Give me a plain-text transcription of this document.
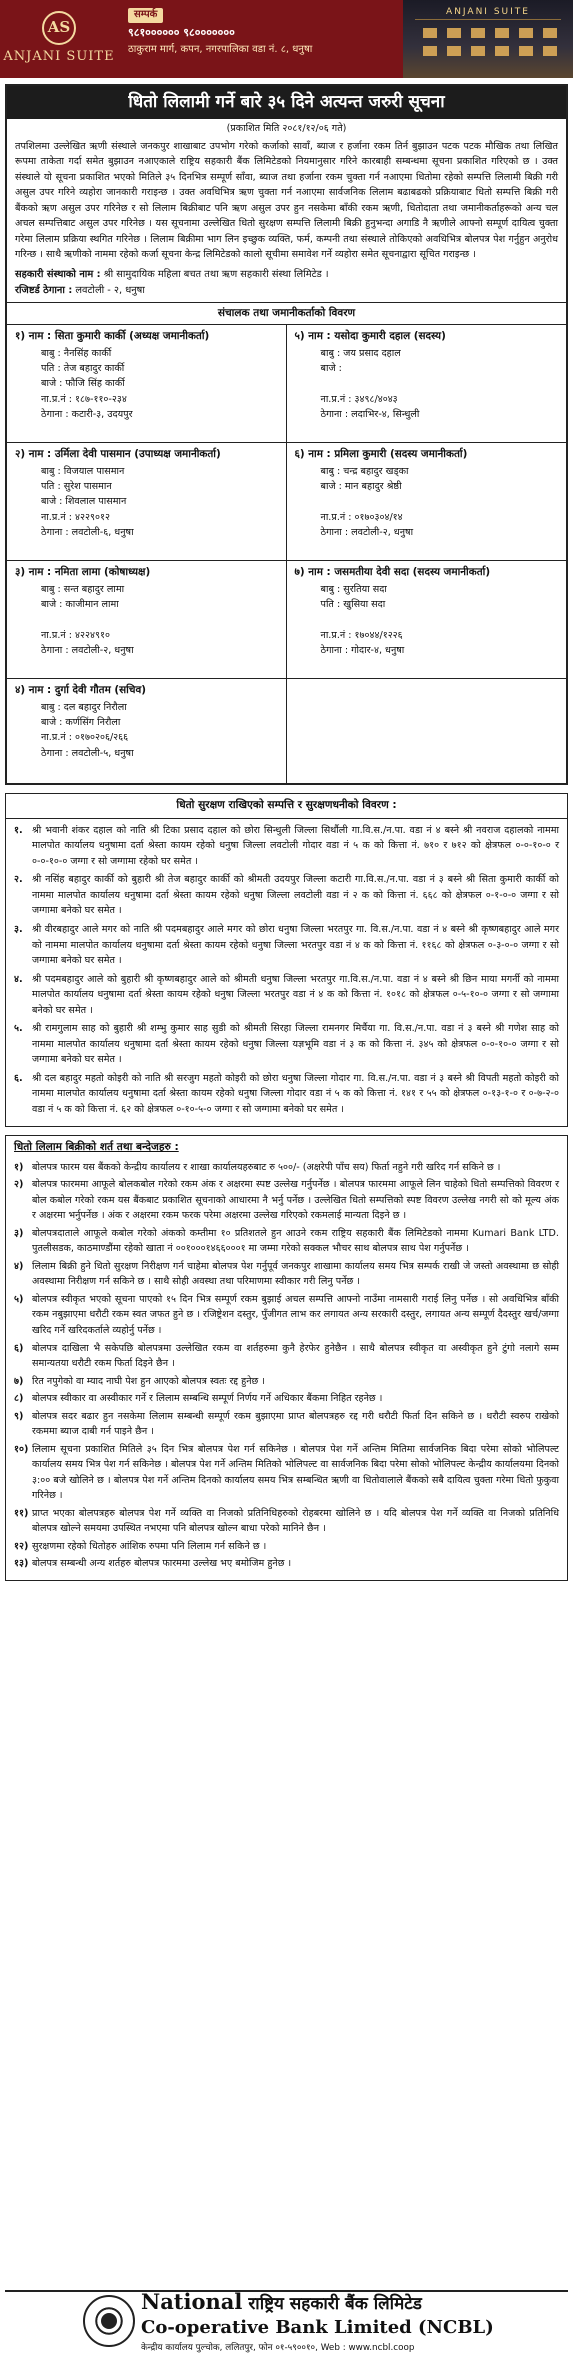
AS
ANJANI SUITE
सम्पर्क
९८१०००००० ९८०००००००
ठाकुराम मार्ग, कपन, नगरपालिका वडा नं. ८, धनुषा
ANJANI SUITE
धितो लिलामी गर्ने बारे ३५ दिने अत्यन्त जरुरी सूचना
(प्रकाशित मिति २०८१/१२/०६ गते)
तपशिलमा उल्लेखित ऋणी संस्थाले जनकपुर शाखाबाट उपभोग गरेको कर्जाको सावाँ, ब्याज र हर्जाना रकम तिर्न बुझाउन पटक पटक मौखिक तथा लिखित रूपमा ताकेता गर्दा समेत बुझाउन नआएकाले राष्ट्रिय सहकारी बैंक लिमिटेडको नियमानुसार गरिने कारबाही सम्बन्धमा सूचना प्रकाशित गरिएको छ । उक्त संस्थाले यो सूचना प्रकाशित भएको मितिले ३५ दिनभित्र सम्पूर्ण साँवा, ब्याज तथा हर्जाना रकम चुक्ता गर्न नआएमा धितोमा रहेको सम्पत्ति लिलामी बिक्री गरी असुल उपर गरिने व्यहोरा जानकारी गराइन्छ । उक्त अवधिभित्र ऋण चुक्ता गर्न नआएमा सार्वजनिक लिलाम बढाबढको प्रक्रियाबाट धितो सम्पत्ति बिक्री गरी बैंकको ऋण असुल उपर गरिनेछ र सो लिलाम बिक्रीबाट पनि ऋण असुल उपर हुन नसकेमा बाँकी रकम ऋणी, धितोदाता तथा जमानीकर्ताहरूको अन्य चल अचल सम्पत्तिबाट असुल उपर गरिनेछ । यस सूचनामा उल्लेखित धितो सुरक्षण सम्पत्ति लिलामी बिक्री हुनुभन्दा अगाडि नै ऋणीले आफ्नो सम्पूर्ण दायित्व चुक्ता गरेमा लिलाम प्रक्रिया स्थगित गरिनेछ । लिलाम बिक्रीमा भाग लिन इच्छुक व्यक्ति, फर्म, कम्पनी तथा संस्थाले तोकिएको अवधिभित्र बोलपत्र पेश गर्नुहुन अनुरोध गरिन्छ । साथै ऋणीको नाममा रहेको कर्जा सूचना केन्द्र लिमिटेडको कालो सूचीमा समावेश गर्ने व्यहोरा समेत सूचनाद्वारा सूचित गराइन्छ ।
सहकारी संस्थाको नाम : श्री सामुदायिक महिला बचत तथा ऋण सहकारी संस्था लिमिटेड ।
रजिष्टर्ड ठेगाना : लवटोली - २, धनुषा
संचालक तथा जमानीकर्ताको विवरण
१) नाम : सिता कुमारी कार्की (अध्यक्ष जमानीकर्ता)
बाबु : नैनसिंह कार्की
पति : तेज बहादुर कार्की
बाजे : फौजि सिंह कार्की
ना.प्र.नं : १८७-११०-२३४
ठेगाना : कटारी-३, उदयपुर
५) नाम : यसोदा कुमारी दहाल (सदस्य)
बाबु : जय प्रसाद दहाल
बाजे :

ना.प्र.नं : ३४९८/४०४३
ठेगाना : लदाभिर-४, सिन्धुली
२) नाम : उर्मिला देवी पासमान (उपाध्यक्ष जमानीकर्ता)
बाबु : विजयाल पासमान
पति : सुरेश पासमान
बाजे : शिवलाल पासमान
ना.प्र.नं : ४२२९०१२
ठेगाना : लवटोली-६, धनुषा
६) नाम : प्रमिला कुमारी (सदस्य जमानीकर्ता)
बाबु : चन्द्र बहादुर खड्का
बाजे : मान बहादुर श्रेष्ठी

ना.प्र.नं : ०१७०३०४/१४
ठेगाना : लवटोली-२, धनुषा
३) नाम : नमिता लामा (कोषाध्यक्ष)
बाबु : सन्त बहादुर लामा
बाजे : काजीमान लामा

ना.प्र.नं : ४२२४९१०
ठेगाना : लवटोली-२, धनुषा
७) नाम : जसमतीया देवी सदा (सदस्य जमानीकर्ता)
बाबु : सुरतिया सदा
पति : खुसिया सदा

ना.प्र.नं : १७०४४/१२२६
ठेगाना : गोदार-४, धनुषा
४) नाम : दुर्गा देवी गौतम (सचिव)
बाबु : दल बहादुर निरौला
बाजे : कर्णसिंग निरौला
ना.प्र.नं : ०१७०२०६/२६६
ठेगाना : लवटोली-५, धनुषा
धितो सुरक्षण राखिएको सम्पत्ति र सुरक्षणधनीको विवरण :
१. श्री भवानी शंकर दहाल को नाति श्री टिका प्रसाद दहाल को छोरा सिन्धुली जिल्ला सिर्थौली गा.वि.स./न.पा. वडा नं ४ बस्ने श्री नवराज दहालको नाममा मालपोत कार्यालय धनुषामा दर्ता श्रेस्ता कायम रहेको धनुषा जिल्ला लवटोली गोदार वडा नं ५ क को कित्ता नं. ७१० र ७१२ को क्षेत्रफल ०-०-१०-० र ०-०-१०-० जग्गा र सो जग्गामा रहेको घर समेत ।
२. श्री नसिंह बहादुर कार्की को बुहारी श्री तेज बहादुर कार्की को श्रीमती उदयपुर जिल्ला कटारी गा.वि.स./न.पा. वडा नं ३ बस्ने श्री सिता कुमारी कार्की को नाममा मालपोत कार्यालय धनुषामा दर्ता श्रेस्ता कायम रहेको धनुषा जिल्ला लवटोली वडा नं २ क को कित्ता नं. ६६८ को क्षेत्रफल ०-१-०-० जग्गा र सो जग्गामा बनेको घर समेत ।
३. श्री वीरबहादुर आले मगर को नाति श्री पदमबहादुर आले मगर को छोरा धनुषा जिल्ला भरतपुर गा. वि.स./न.पा. वडा नं ४ बस्ने श्री कृष्णबहादुर आले मगर को नाममा मालपोत कार्यालय धनुषामा दर्ता श्रेस्ता कायम रहेको धनुषा जिल्ला भरतपुर वडा नं ४ क को कित्ता नं. ११६८ को क्षेत्रफल ०-३-०-० जग्गा र सो जग्गामा बनेको घर समेत ।
४. श्री पदमबहादुर आले को बुहारी श्री कृष्णबहादुर आले को श्रीमती धनुषा जिल्ला भरतपुर गा.वि.स./न.पा. वडा नं ४ बस्ने श्री छिन माया मगर्नी को नाममा मालपोत कार्यालय धनुषामा दर्ता श्रेस्ता कायम रहेको धनुषा जिल्ला भरतपुर वडा नं ४ क को कित्ता नं. १०१८ को क्षेत्रफल ०-५-१०-० जग्गा र सो जग्गामा बनेको घर समेत ।
५. श्री रामगुलाम साह को बुहारी श्री शम्भु कुमार साह सुडी को श्रीमती सिरहा जिल्ला रामनगर मिर्चैया गा. वि.स./न.पा. वडा नं ३ बस्ने श्री गणेश साह को नाममा मालपोत कार्यालय धनुषामा दर्ता श्रेस्ता कायम रहेको धनुषा जिल्ला यज्ञभूमि वडा नं ३ क को कित्ता नं. ३४५ को क्षेत्रफल ०-०-१०-० जग्गा र सो जग्गामा बनेको घर समेत ।
६. श्री दल बहादुर महतो कोइरी को नाति श्री सरजुग महतो कोइरी को छोरा धनुषा जिल्ला गोदार गा. वि.स./न.पा. वडा नं ३ बस्ने श्री विपती महतो कोइरी को नाममा मालपोत कार्यालय धनुषामा दर्ता श्रेस्ता कायम रहेको धनुषा जिल्ला गोदार वडा नं ५ क को कित्ता नं. १४१ र ५५ को क्षेत्रफल ०-१३-१-० र ०-७-२-० वडा नं ५ क को कित्ता नं. ६२ को क्षेत्रफल ०-१०-५-० जग्गा र सो जग्गामा बनेको घर समेत ।
धितो लिलाम बिक्रीको शर्त तथा बन्देजहरु :
१) बोलपत्र फारम यस बैंकको केन्द्रीय कार्यालय र शाखा कार्यालयहरुबाट रु ५००/- (अक्षरेपी पाँच सय) फिर्ता नहुने गरी खरिद गर्न सकिने छ ।
२) बोलपत्र फारममा आफूले बोलकबोल गरेको रकम अंक र अक्षरमा स्पष्ट उल्लेख गर्नुपर्नेछ । बोलपत्र फारममा आफूले लिन चाहेको धितो सम्पत्तिको विवरण र बोल कबोल गरेको रकम यस बैंकबाट प्रकाशित सूचनाको आधारमा नै भर्नु पर्नेछ । उल्लेखित धितो सम्पत्तिको स्पष्ट विवरण उल्लेख नगरी सो को मूल्य अंक र अक्षरमा भर्नुपर्नेछ । अंक र अक्षरमा रकम फरक परेमा अक्षरमा उल्लेख गरिएको रकमलाई मान्यता दिइने छ ।
३) बोलपत्रदाताले आफूले कबोल गरेको अंकको कम्तीमा १० प्रतिशतले हुन आउने रकम राष्ट्रिय सहकारी बैंक लिमिटेडको नाममा Kumari Bank LTD. पुतलीसडक, काठमाण्डौंमा रहेको खाता नं ००१०००१४६६०००१ मा जम्मा गरेको सक्कल भौचर साथ बोलपत्र साथ पेश गर्नुपर्नेछ ।
४) लिलाम बिक्री हुने धितो सुरक्षण निरीक्षण गर्न चाहेमा बोलपत्र पेश गर्नुपूर्व जनकपुर शाखामा कार्यालय समय भित्र सम्पर्क राखी जे जस्तो अवस्थामा छ सोही अवस्थामा निरीक्षण गर्न सकिने छ । साथै सोही अवस्था तथा परिमाणमा स्वीकार गरी लिनु पर्नेछ ।
५) बोलपत्र स्वीकृत भएको सूचना पाएको १५ दिन भित्र सम्पूर्ण रकम बुझाई अचल सम्पत्ति आफ्नो नाउँमा नामसारी गराई लिनु पर्नेछ । सो अवधिभित्र बाँकी रकम नबुझाएमा धरौटी रकम स्वत जफत हुने छ । रजिष्ट्रेशन दस्तुर, पुँजीगत लाभ कर लगायत अन्य सरकारी दस्तुर, लगायत अन्य सम्पूर्ण दैदस्तुर खर्च/जग्गा खरिद गर्ने खरिदकर्ताले व्यहोर्नु पर्नेछ ।
६) बोलपत्र दाखिला भै सकेपछि बोलपत्रमा उल्लेखित रकम वा शर्तहरुमा कुनै हेरफेर हुनेछैन । साथै बोलपत्र स्वीकृत वा अस्वीकृत हुने टुंगो नलागे सम्म समान्यतया धरौटी रकम फिर्ता दिइने छैन ।
७) रित नपुगेको वा म्याद नाघी पेश हुन आएको बोलपत्र स्वतः रद्द हुनेछ ।
८) बोलपत्र स्वीकार वा अस्वीकार गर्ने र लिलाम सम्बन्धि सम्पूर्ण निर्णय गर्ने अधिकार बैंकमा निहित रहनेछ ।
९) बोलपत्र सदर बढार हुन नसकेमा लिलाम सम्बन्धी सम्पूर्ण रकम बुझाएमा प्राप्त बोलपत्रहरु रद्द गरी धरौटी फिर्ता दिन सकिने छ । धरौटी स्वरुप राखेको रकममा ब्याज दाबी गर्न पाइने छैन ।
१०) लिलाम सूचना प्रकाशित मितिले ३५ दिन भित्र बोलपत्र पेश गर्न सकिनेछ । बोलपत्र पेश गर्ने अन्तिम मितिमा सार्वजनिक बिदा परेमा सोको भोलिपल्ट कार्यालय समय भित्र पेश गर्न सकिनेछ । बोलपत्र पेश गर्ने अन्तिम मितिको भोलिपल्ट वा सार्वजनिक बिदा परेमा सोको भोलिपल्ट केन्द्रीय कार्यालयमा दिनको ३:०० बजे खोलिने छ । बोलपत्र पेश गर्ने अन्तिम दिनको कार्यालय समय भित्र सम्बन्धित ऋणी वा धितोवालाले बैंकको सबै दायित्व चुक्ता गरेमा धितो फुकुवा गरिनेछ ।
११) प्राप्त भएका बोलपत्रहरु बोलपत्र पेश गर्ने व्यक्ति वा निजको प्रतिनिधिहरुको रोहबरमा खोलिने छ । यदि बोलपत्र पेश गर्ने व्यक्ति वा निजको प्रतिनिधि बोलपत्र खोल्ने समयमा उपस्थित नभएमा पनि बोलपत्र खोल्न बाधा परेको मानिने छैन ।
१२) सुरक्षणमा रहेको धितोहरु आंशिक रुपमा पनि लिलाम गर्न सकिने छ ।
१३) बोलपत्र सम्बन्धी अन्य शर्तहरु बोलपत्र फारममा उल्लेख भए बमोजिम हुनेछ ।
National राष्ट्रिय सहकारी बैंक लिमिटेड
Co-operative Bank Limited (NCBL)
केन्द्रीय कार्यालय पुल्चोक, ललितपुर, फोन ०१-५९००१०, Web : www.ncbl.coop
